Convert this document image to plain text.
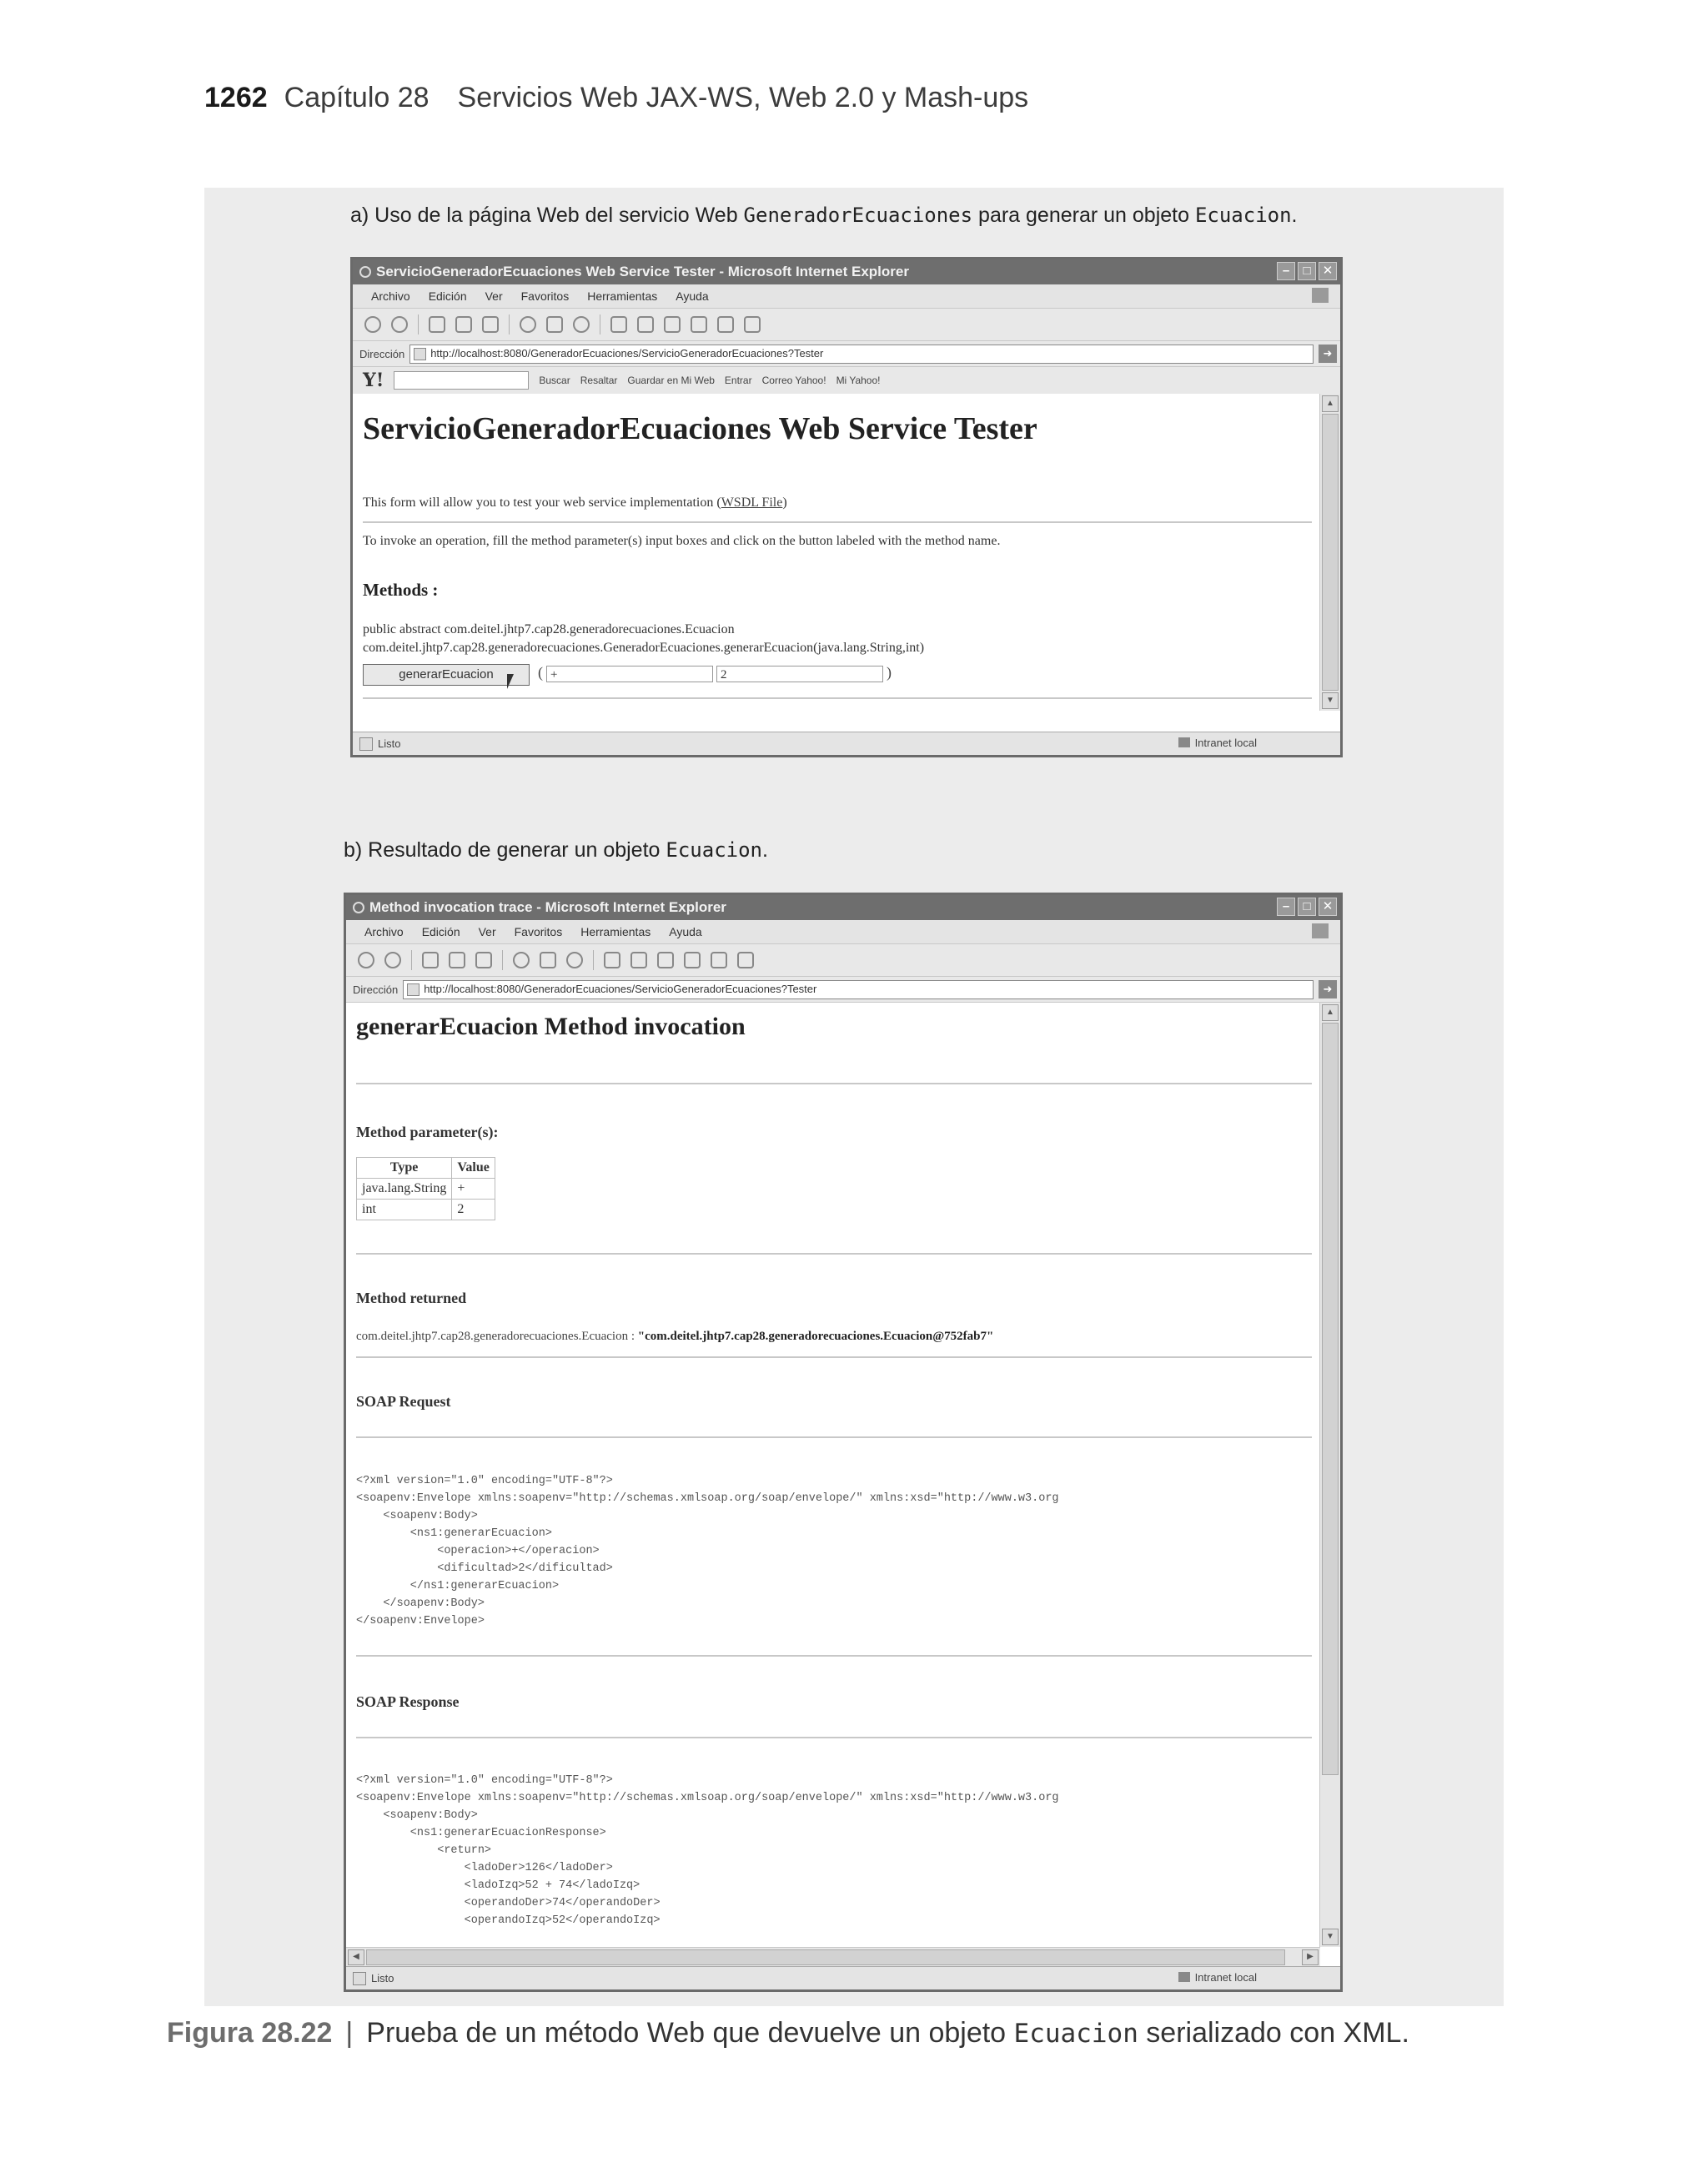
1262 Capítulo 28 Servicios Web JAX-WS, Web 2.0 y Mash-ups
a) Uso de la página Web del servicio Web GeneradorEcuaciones para generar un objeto Ecuacion.
ServicioGeneradorEcuaciones Web Service Tester - Microsoft Internet Explorer	–	□ ✕
Archivo Edición Ver Favoritos Herramientas Ayuda
Dirección	http://localhost:8080/GeneradorEcuaciones/ServicioGeneradorEcuaciones?Tester	➜
Y!	Buscar Resaltar Guardar en Mi Web Entrar Correo Yahoo! Mi Yahoo!
ServicioGeneradorEcuaciones Web Service Tester
This form will allow you to test your web service implementation (WSDL File)
To invoke an operation, fill the method parameter(s) input boxes and click on the button labeled with the method name.
Methods :
public abstract com.deitel.jhtp7.cap28.generadorecuaciones.Ecuacion
com.deitel.jhtp7.cap28.generadorecuaciones.GeneradorEcuaciones.generarEcuacion(java.lang.String,int)
generarEcuacion	( +	2	)
▲
▼
Listo	Intranet local
b) Resultado de generar un objeto Ecuacion.
Method invocation trace - Microsoft Internet Explorer	–	□ ✕
Archivo Edición Ver Favoritos Herramientas Ayuda
Dirección	http://localhost:8080/GeneradorEcuaciones/ServicioGeneradorEcuaciones?Tester	➜
generarEcuacion Method invocation
Method parameter(s):
Type	Value
java.lang.String	+
int	2
Method returned
com.deitel.jhtp7.cap28.generadorecuaciones.Ecuacion : "com.deitel.jhtp7.cap28.generadorecuaciones.Ecuacion@752fab7"
SOAP Request
<?xml version="1.0" encoding="UTF-8"?>
<soapenv:Envelope xmlns:soapenv="http://schemas.xmlsoap.org/soap/envelope/" xmlns:xsd="http://www.w3.org
<soapenv:Body>
<ns1:generarEcuacion>
<operacion>+</operacion>
<dificultad>2</dificultad>
</ns1:generarEcuacion>
</soapenv:Body>
</soapenv:Envelope>
SOAP Response
<?xml version="1.0" encoding="UTF-8"?>
<soapenv:Envelope xmlns:soapenv="http://schemas.xmlsoap.org/soap/envelope/" xmlns:xsd="http://www.w3.org
<soapenv:Body>
<ns1:generarEcuacionResponse>
<return>
<ladoDer>126</ladoDer>
<ladoIzq>52 + 74</ladoIzq>
<operandoDer>74</operandoDer>
<operandoIzq>52</operandoIzq>
▲
▼
◀	▶
Listo	Intranet local
Figura 28.22 | Prueba de un método Web que devuelve un objeto Ecuacion serializado con XML.
